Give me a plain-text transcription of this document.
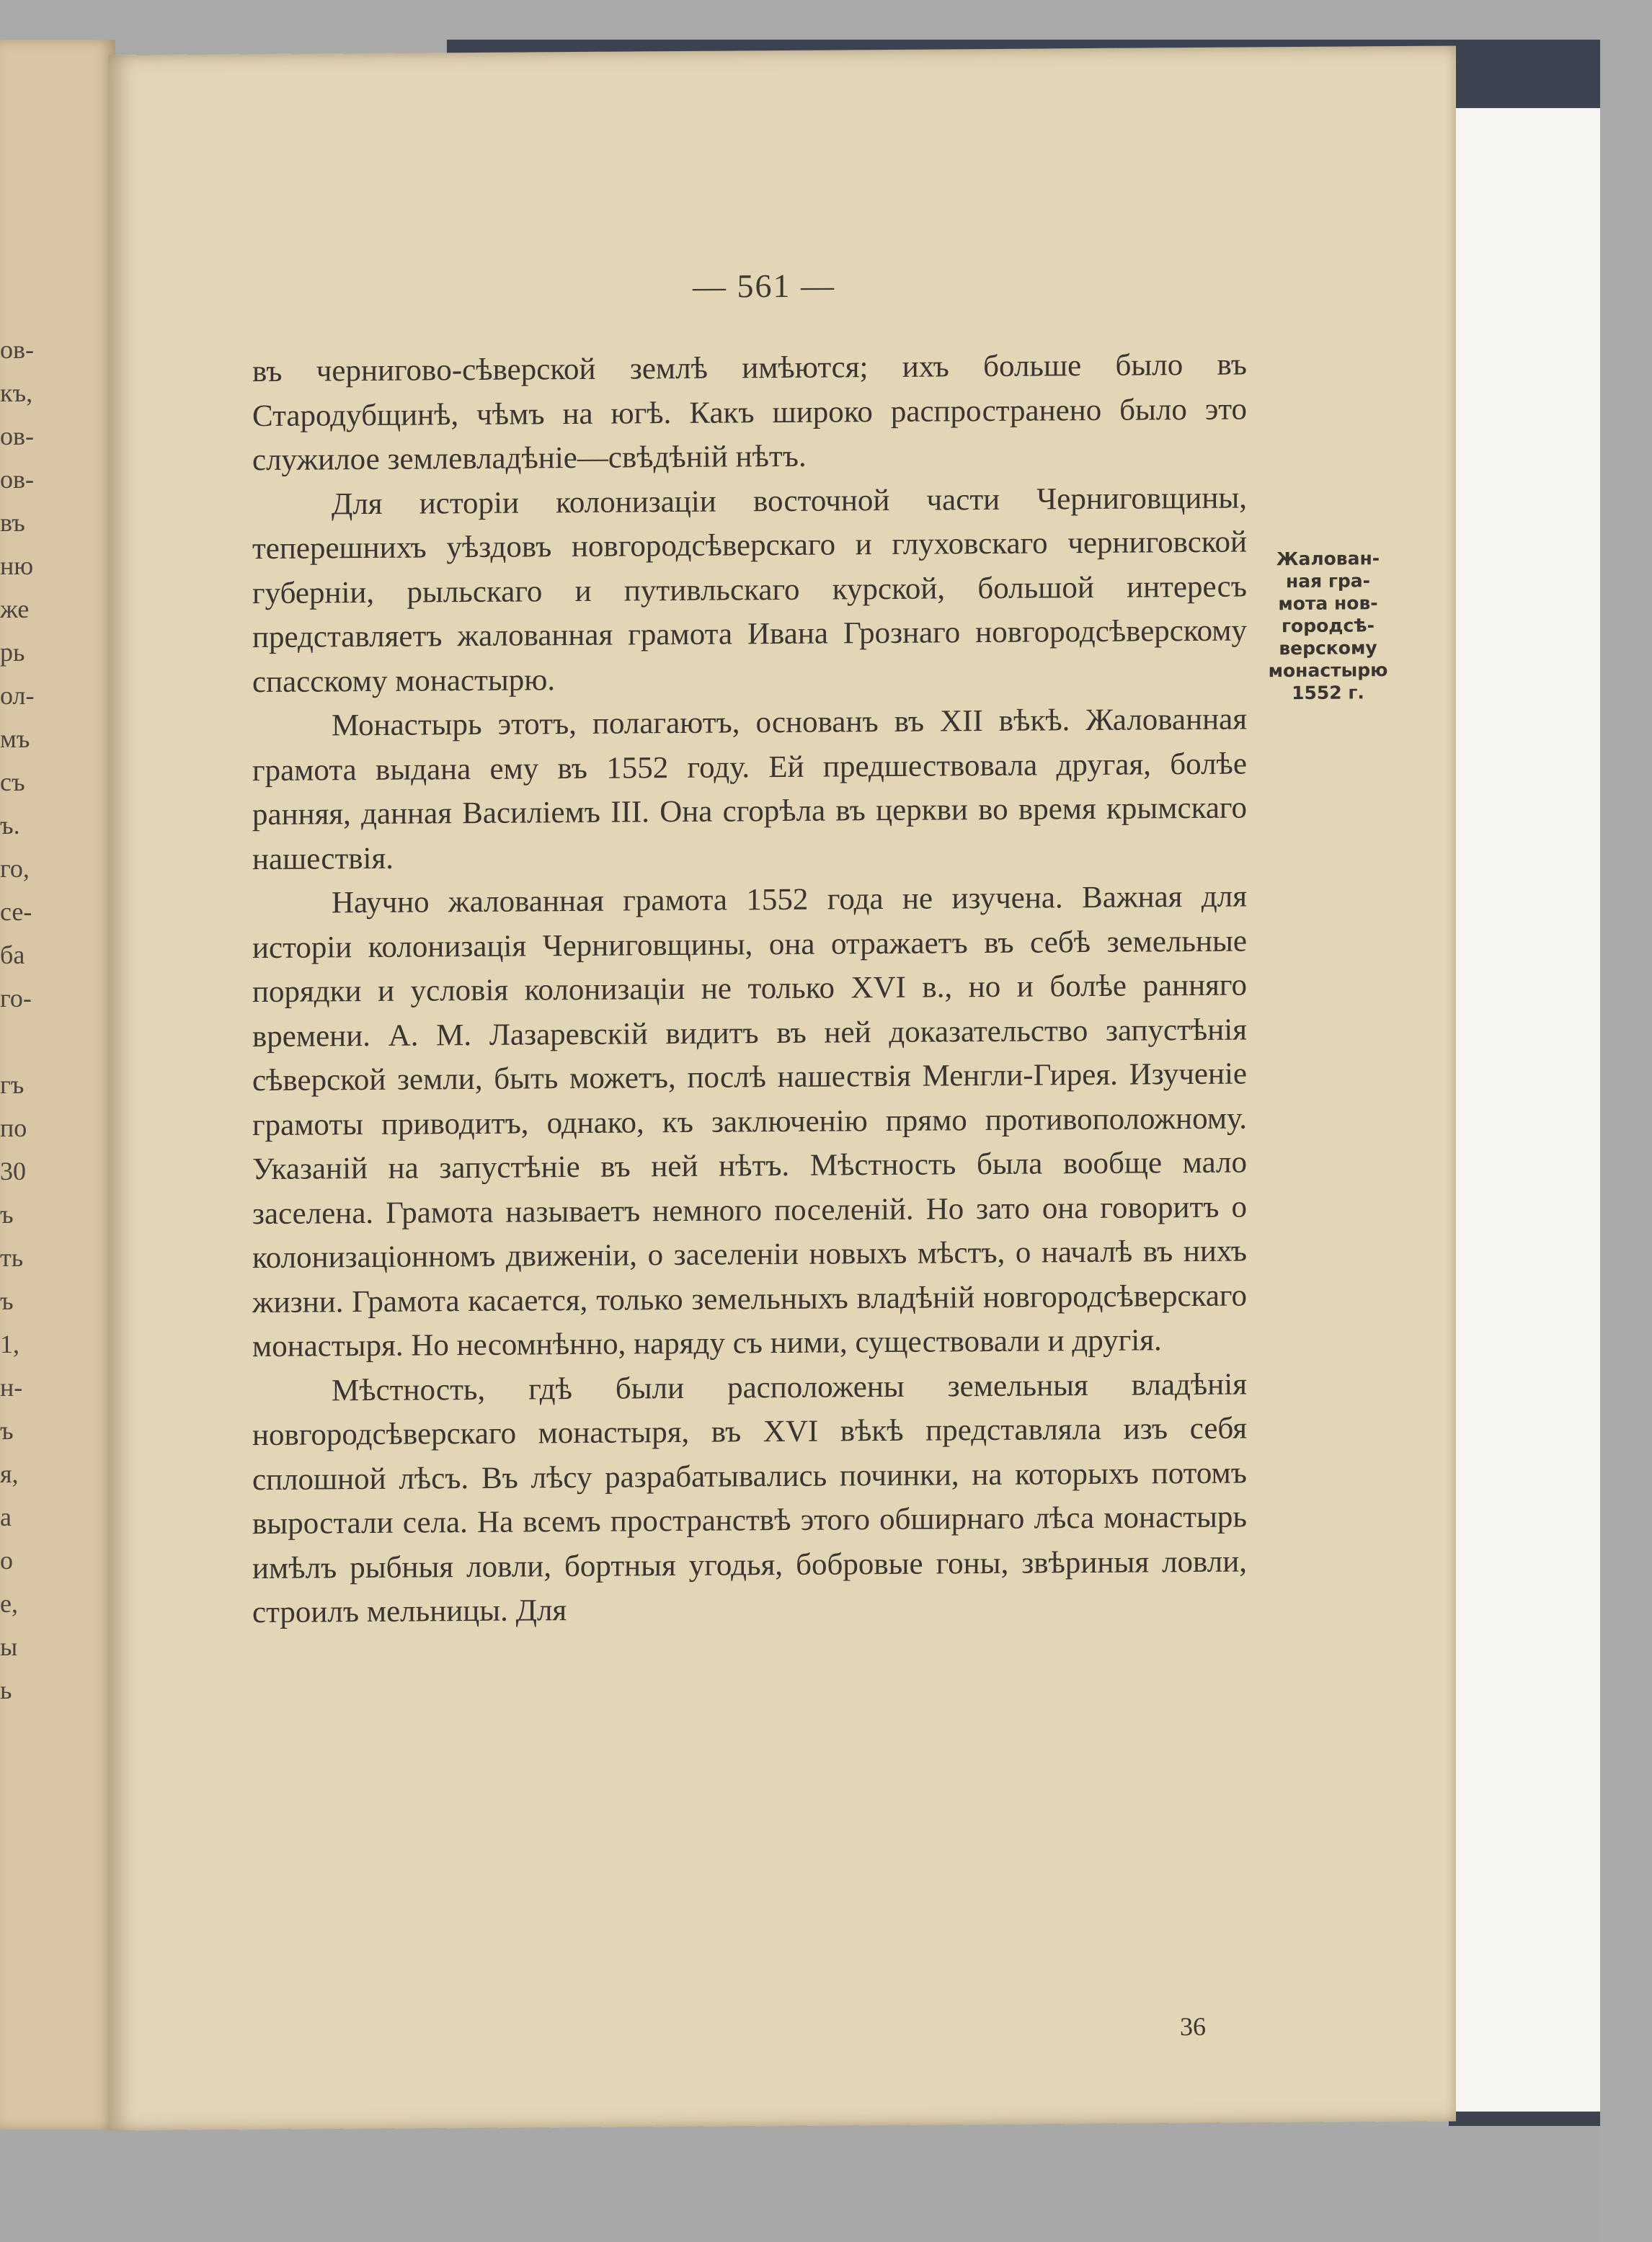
ов-
къ,
ов-
ов-
въ
ню
же
рь
ол-
мъ
съ
ъ.
го,
се-
ба
го-

гъ
по
30
ъ
ть
ъ
1,
н-
ъ
я,
а
о
е,
ы
ь
— 561 —

въ черниговo-сѣверской землѣ имѣются; ихъ больше было въ Стародубщинѣ, чѣмъ на югѣ. Какъ широко распространено было это служилое землевладѣніе—свѣдѣній нѣтъ.

Для исторіи колонизаціи восточной части Черниговщины, теперешнихъ уѣздовъ новгородсѣверскаго и глуховскаго черниговской губерніи, рыльскаго и путивльскаго курской, большой интересъ представляетъ жалованная грамота Ивана Грознаго новгородсѣверскому спасскому монастырю.

Монастырь этотъ, полагаютъ, основанъ въ XII вѣкѣ. Жалованная грамота выдана ему въ 1552 году. Ей предшествовала другая, болѣе ранняя, данная Василіемъ III. Она сгорѣла въ церкви во время крымскаго нашествія.

Научно жалованная грамота 1552 года не изучена. Важная для исторіи колонизація Черниговщины, она отражаетъ въ себѣ земельные порядки и условія колонизаціи не только XVI в., но и болѣе ранняго времени. А. М. Лазаревскій видитъ въ ней доказательство запустѣнія сѣверской земли, быть можетъ, послѣ нашествія Менгли-Гирея. Изученіе грамоты приводитъ, однако, къ заключенію прямо противоположному. Указаній на запустѣніе въ ней нѣтъ. Мѣстность была вообще мало заселена. Грамота называетъ немного поселеній. Но зато она говоритъ о колонизаціонномъ движеніи, о заселеніи новыхъ мѣстъ, о началѣ въ нихъ жизни. Грамота касается, только земельныхъ владѣній новгородсѣверскаго монастыря. Но несомнѣнно, наряду съ ними, существовали и другія.

Мѣстность, гдѣ были расположены земельныя владѣнія новгородсѣверскаго монастыря, въ XVI вѣкѣ представляла изъ себя сплошной лѣсъ. Въ лѣсу разрабатывались починки, на которыхъ потомъ выростали села. На всемъ пространствѣ этого обширнаго лѣса монастырь имѣлъ рыбныя ловли, бортныя угодья, бобровые гоны, звѣриныя ловли, строилъ мельницы. Для

Жалован-
ная гра-
мота нов-
городсѣ-
верскому
монастырю
1552 г.
36
